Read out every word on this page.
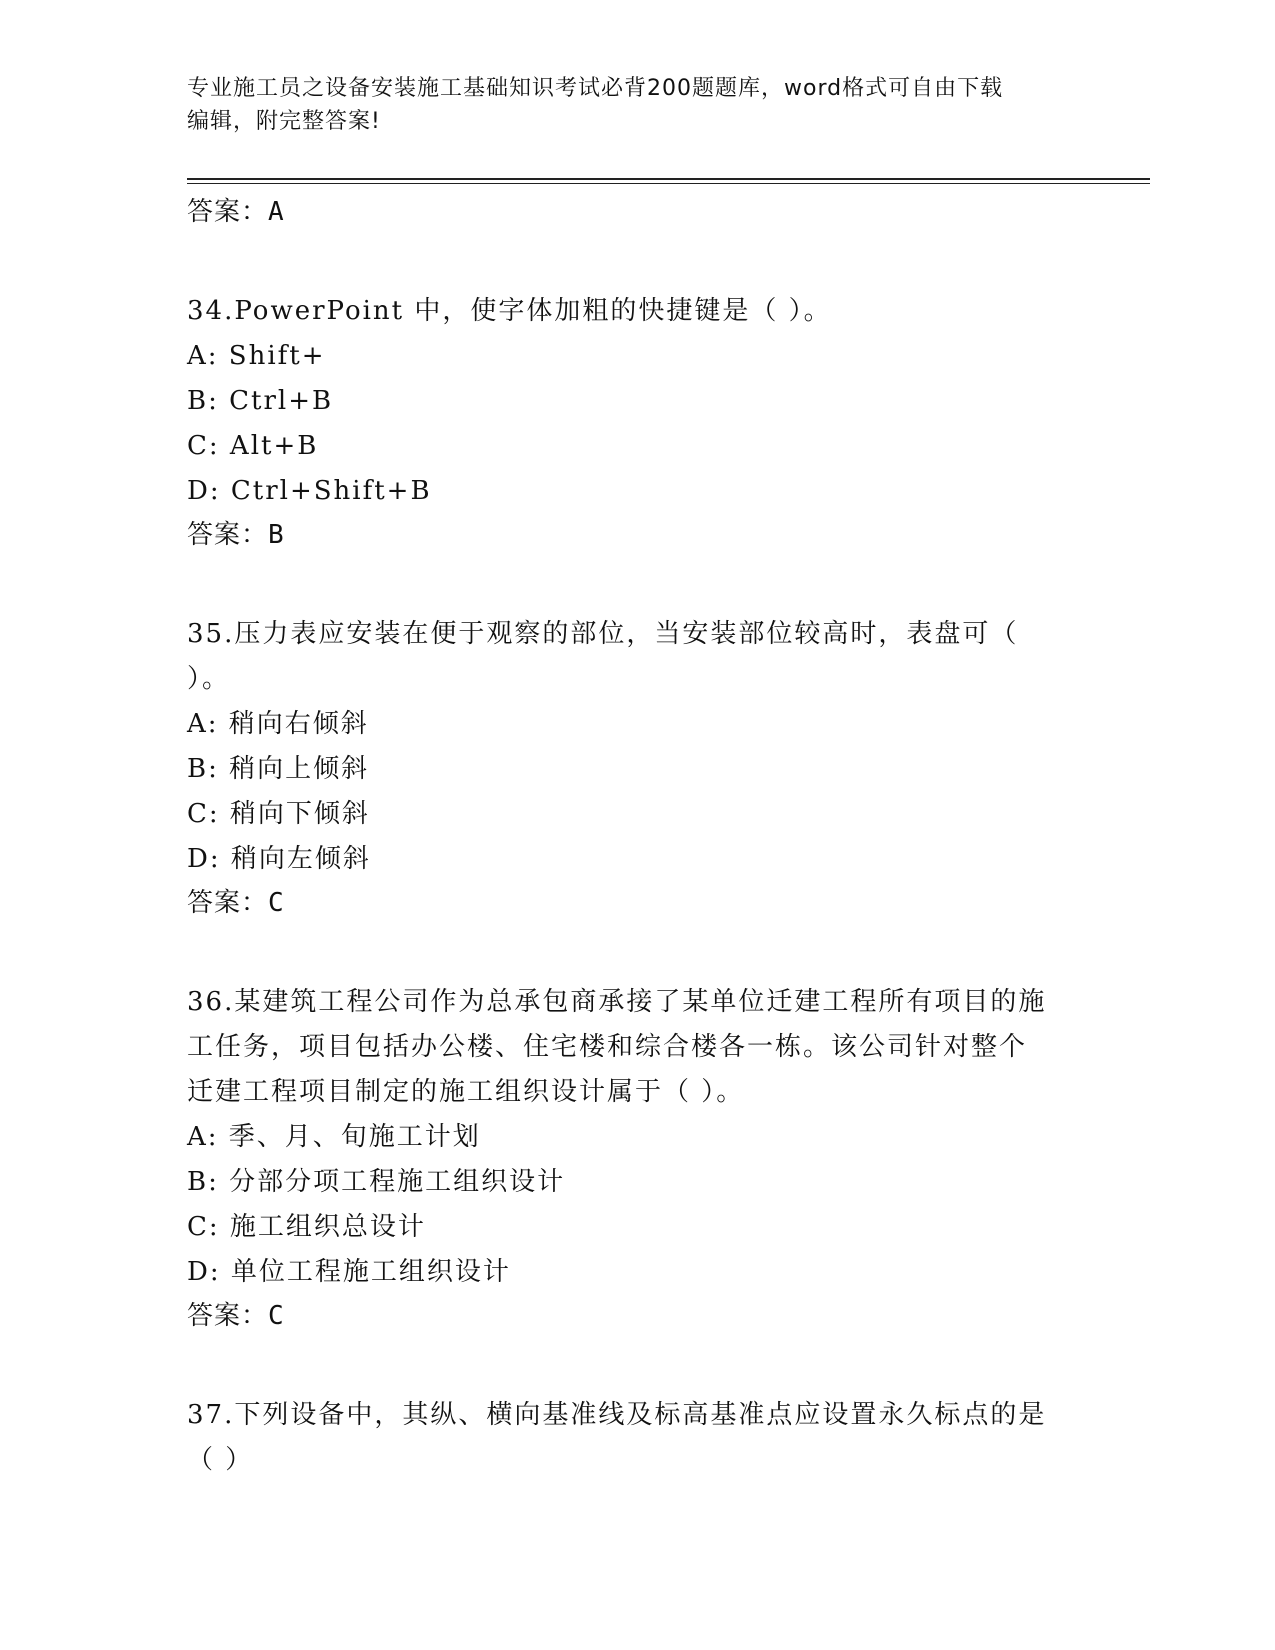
专业施工员之设备安装施工基础知识考试必背200题题库，word格式可自由下载
编辑，附完整答案!
答案：A
34.PowerPoint 中，使字体加粗的快捷键是（ ）。
A: Shift+
B: Ctrl+B
C: Alt+B
D: Ctrl+Shift+B
答案：B
35.压力表应安装在便于观察的部位，当安装部位较高时，表盘可（
）。
A: 稍向右倾斜
B: 稍向上倾斜
C: 稍向下倾斜
D: 稍向左倾斜
答案：C
36.某建筑工程公司作为总承包商承接了某单位迁建工程所有项目的施
工任务，项目包括办公楼、住宅楼和综合楼各一栋。该公司针对整个
迁建工程项目制定的施工组织设计属于（ ）。
A: 季、月、旬施工计划
B: 分部分项工程施工组织设计
C: 施工组织总设计
D: 单位工程施工组织设计
答案：C
37.下列设备中，其纵、横向基准线及标高基准点应设置永久标点的是
（ ）
